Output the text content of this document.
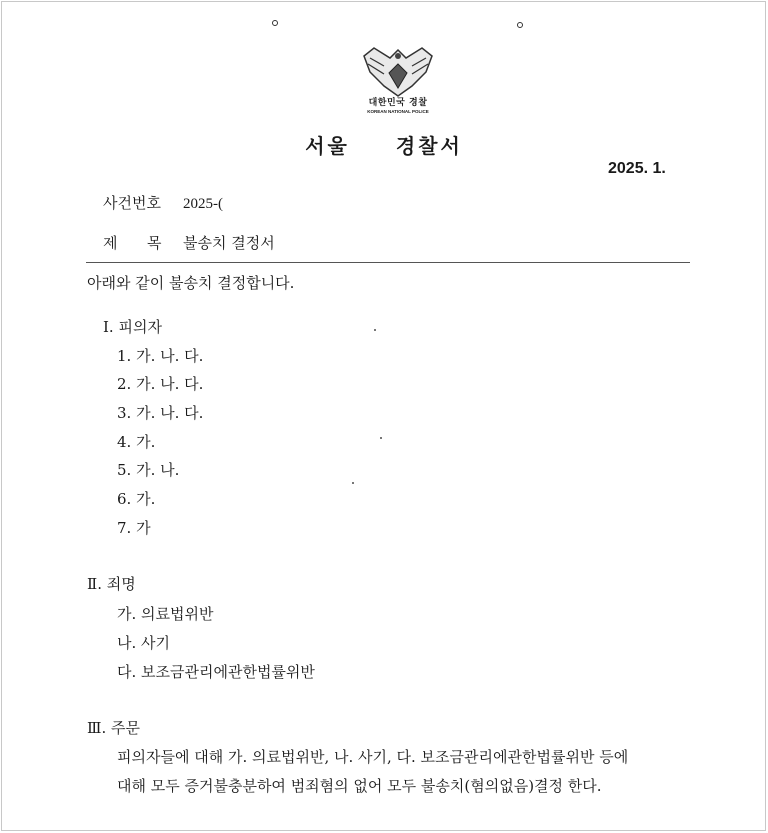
대한민국 경찰
KOREAN NATIONAL POLICE
서울 경찰서
2025. 1.
사건번호 2025-(
제 목 불송치 결정서
아래와 같이 불송치 결정합니다.
Ⅰ. 피의자
1. 가. 나. 다.
2. 가. 나. 다.
3. 가. 나. 다.
4. 가.
5. 가. 나.
6. 가.
7. 가
Ⅱ. 죄명
가. 의료법위반
나. 사기
다. 보조금관리에관한법률위반
Ⅲ. 주문
피의자들에 대해 가. 의료법위반, 나. 사기, 다. 보조금관리에관한법률위반 등에
대해 모두 증거불충분하여 범죄혐의 없어 모두 불송치(혐의없음)결정 한다.
